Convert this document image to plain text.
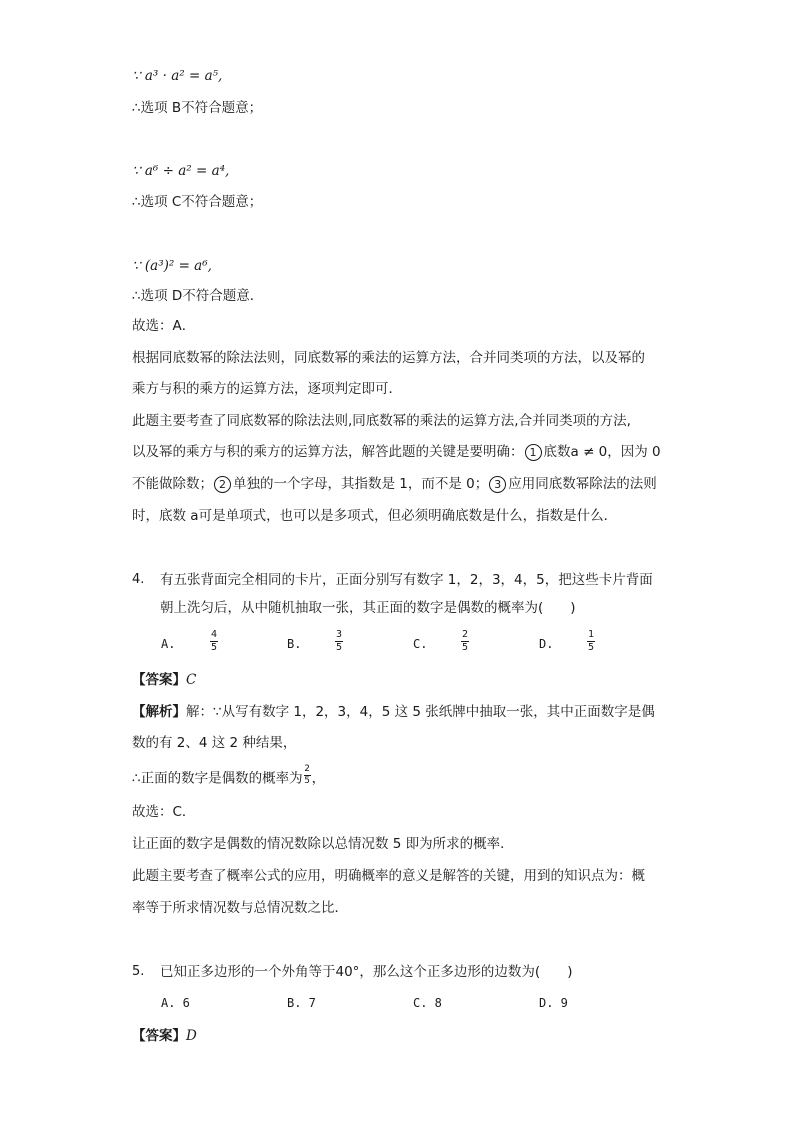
∵ a³ · a² = a⁵,
∴选项 B不符合题意；
∵ a⁶ ÷ a² = a⁴,
∴选项 C不符合题意；
∵ (a³)² = a⁶,
∴选项 D不符合题意．
故选：A．
根据同底数幂的除法法则，同底数幂的乘法的运算方法，合并同类项的方法，以及幂的
乘方与积的乘方的运算方法，逐项判定即可．
此题主要考查了同底数幂的除法法则,同底数幂的乘法的运算方法,合并同类项的方法,
以及幂的乘方与积的乘方的运算方法，解答此题的关键是要明确： 1 底数a ≠ 0，因为 0
不能做除数； 2 单独的一个字母，其指数是 1，而不是 0； 3 应用同底数幂除法的法则
时，底数 a可是单项式，也可以是多项式，但必须明确底数是什么，指数是什么．
4. 有五张背面完全相同的卡片，正面分别写有数字 1，2，3，4，5，把这些卡片背面
朝上洗匀后，从中随机抽取一张，其正面的数字是偶数的概率为(　　)
A.
4
5	B.
3
5	C.
2
5	D.
1
5
【答案】C
【解析】解：∵从写有数字 1，2，3，4，5 这 5 张纸牌中抽取一张，其中正面数字是偶
数的有 2、4 这 2 种结果，
∴正面的数字是偶数的概率为 $\frac{2}{5}$ ，
故选：C．
让正面的数字是偶数的情况数除以总情况数 5 即为所求的概率．
此题主要考查了概率公式的应用，明确概率的意义是解答的关键，用到的知识点为：概
率等于所求情况数与总情况数之比．
5. 已知正多边形的一个外角等于40°，那么这个正多边形的边数为(　　)
A. 6	B. 7	C. 8	D. 9
【答案】D
